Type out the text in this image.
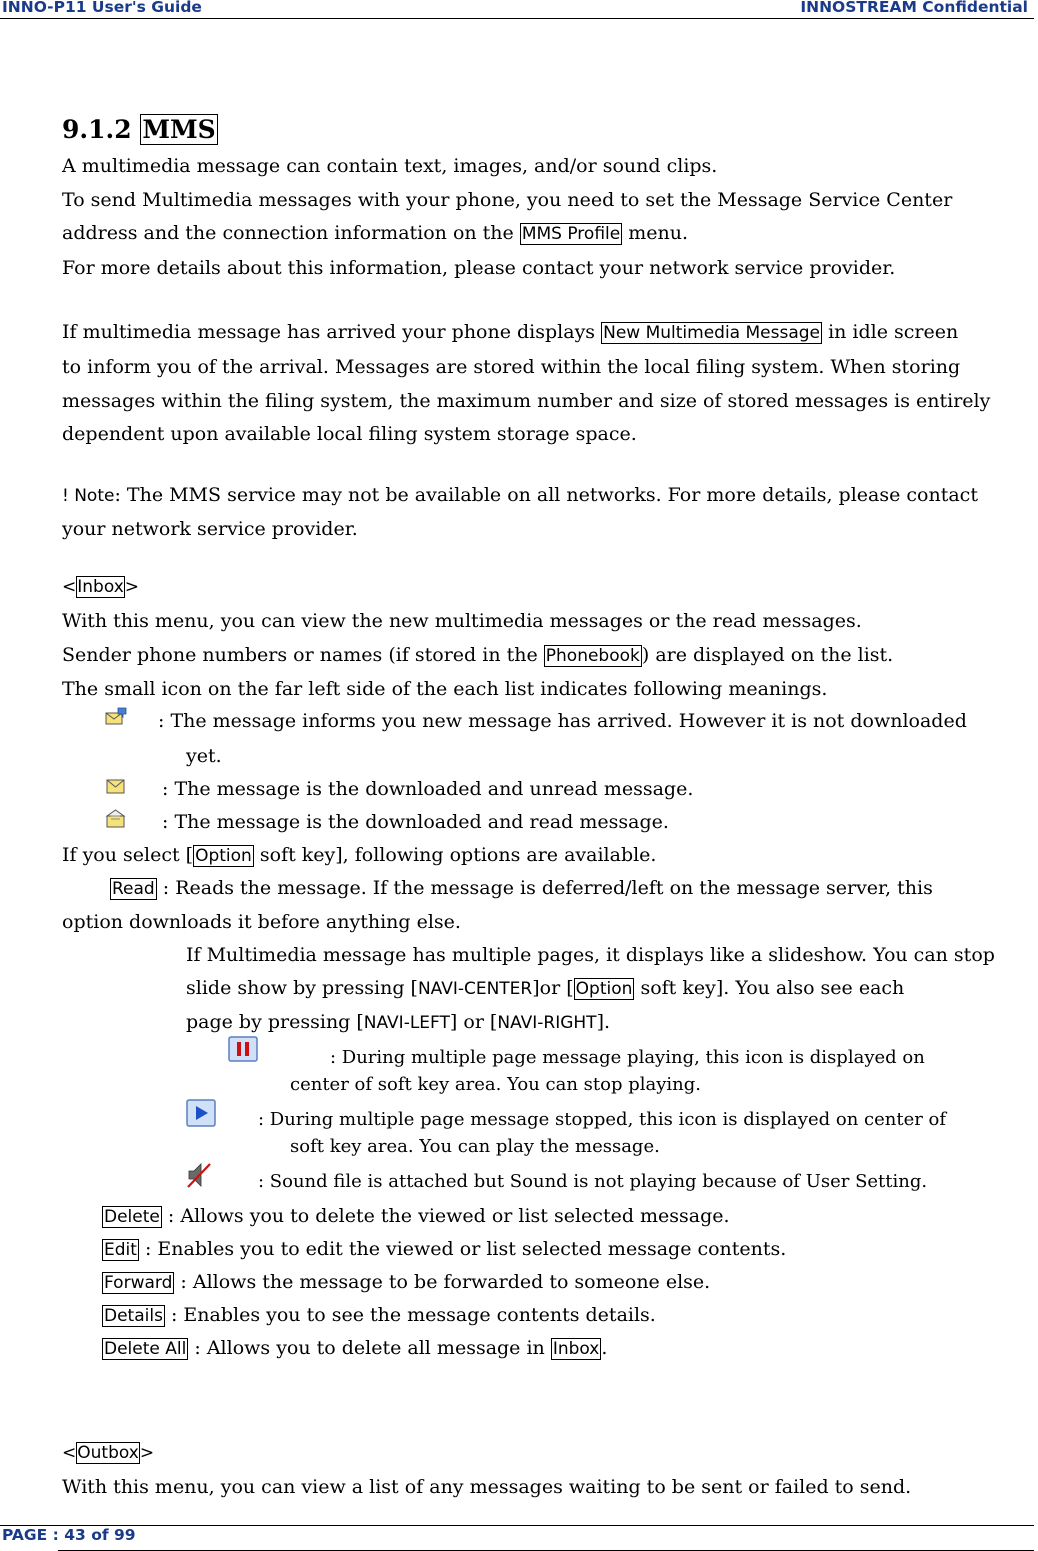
INNO-P11 User's Guide	INNOSTREAM Confidential
9.1.2 MMS
A multimedia message can contain text, images, and/or sound clips.
To send Multimedia messages with your phone, you need to set the Message Service Center
address and the connection information on the MMS Profile menu.
For more details about this information, please contact your network service provider.
If multimedia message has arrived your phone displays New Multimedia Message in idle screen
to inform you of the arrival. Messages are stored within the local filing system. When storing
messages within the filing system, the maximum number and size of stored messages is entirely
dependent upon available local filing system storage space.
! Note: The MMS service may not be available on all networks. For more details, please contact
your network service provider.
<Inbox>
With this menu, you can view the new multimedia messages or the read messages.
Sender phone numbers or names (if stored in the Phonebook ) are displayed on the list.
The small icon on the far left side of the each list indicates following meanings.
: The message informs you new message has arrived. However it is not downloaded
yet.
: The message is the downloaded and unread message.
: The message is the downloaded and read message.
If you select [ Option soft key], following options are available.
Read : Reads the message. If the message is deferred/left on the message server, this
option downloads it before anything else.
If Multimedia message has multiple pages, it displays like a slideshow. You can stop
slide show by pressing [NAVI-CENTER]or [ Option soft key]. You also see each
page by pressing [NAVI-LEFT] or [NAVI-RIGHT].
: During multiple page message playing, this icon is displayed on
center of soft key area. You can stop playing.
: During multiple page message stopped, this icon is displayed on center of
soft key area. You can play the message.
: Sound file is attached but Sound is not playing because of User Setting.
Delete : Allows you to delete the viewed or list selected message.
Edit : Enables you to edit the viewed or list selected message contents.
Forward : Allows the message to be forwarded to someone else.
Details : Enables you to see the message contents details.
Delete All : Allows you to delete all message in Inbox .
<Outbox>
With this menu, you can view a list of any messages waiting to be sent or failed to send.
PAGE : 43 of 99
